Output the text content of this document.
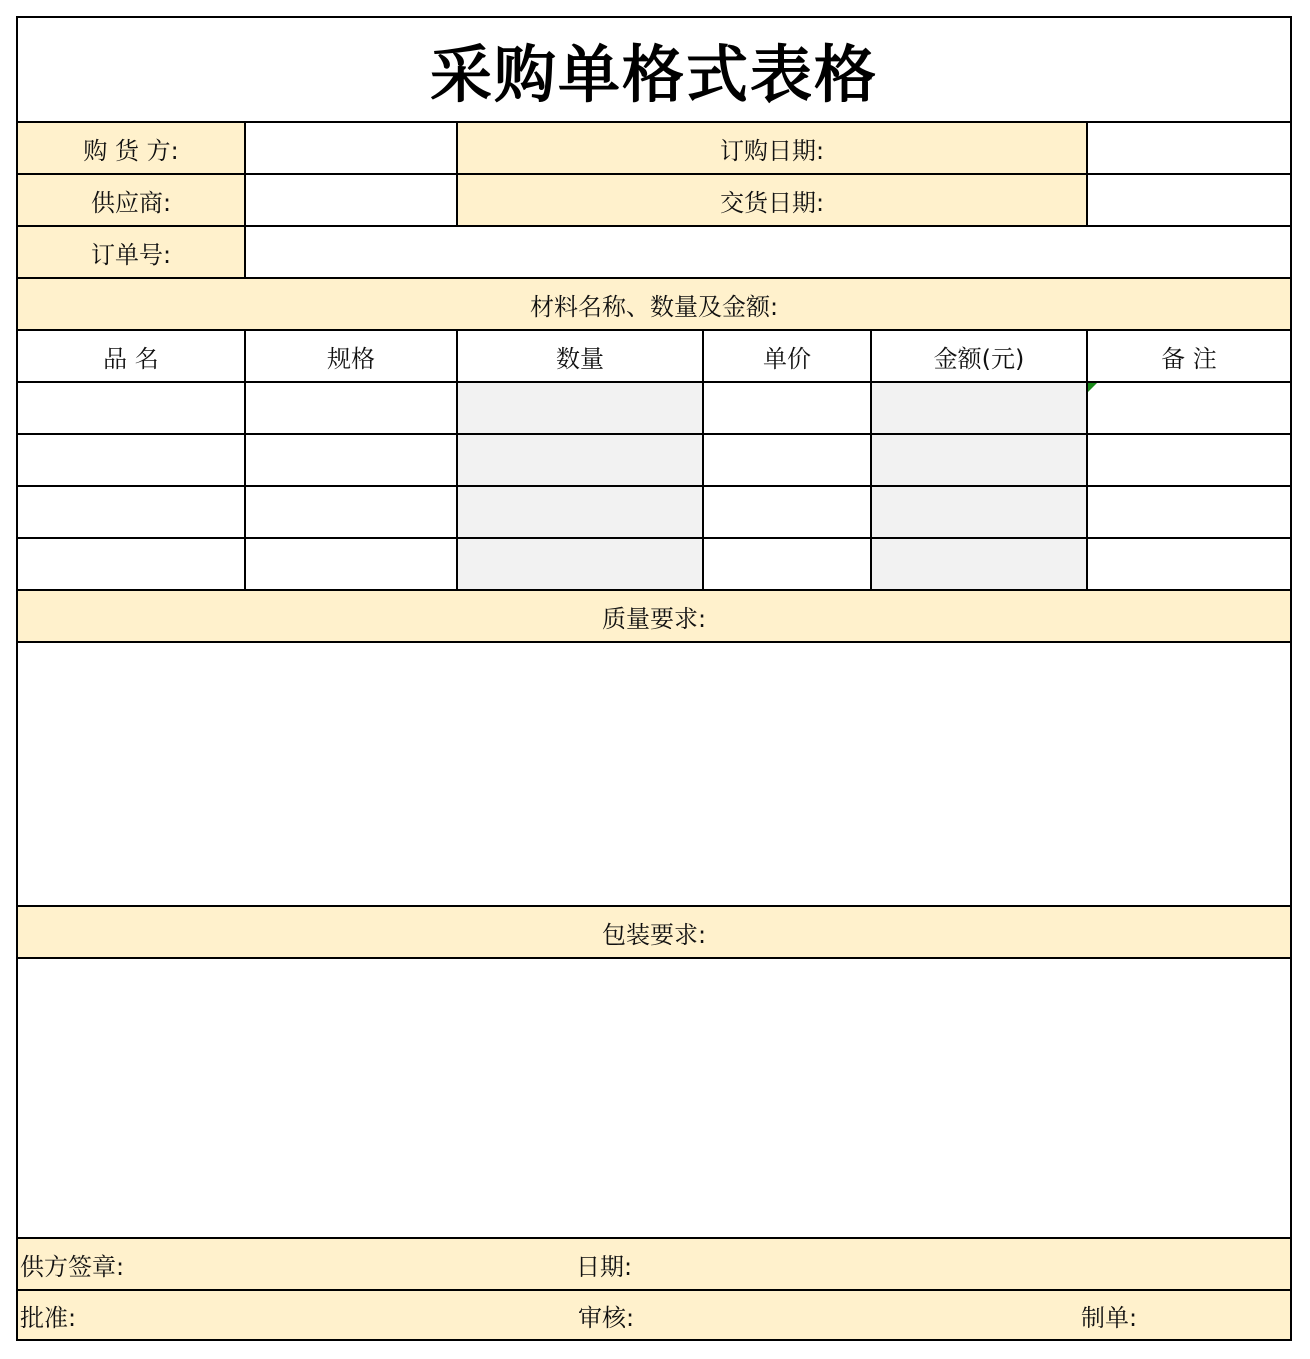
采购单格式表格
购 货 方:	订购日期:
供应商:	交货日期:
订单号:
材料名称、数量及金额:
品 名	规格	数量	单价	金额(元)	备 注
质量要求:
包装要求:
供方签章:	日期:
批准:	审核:	制单:
